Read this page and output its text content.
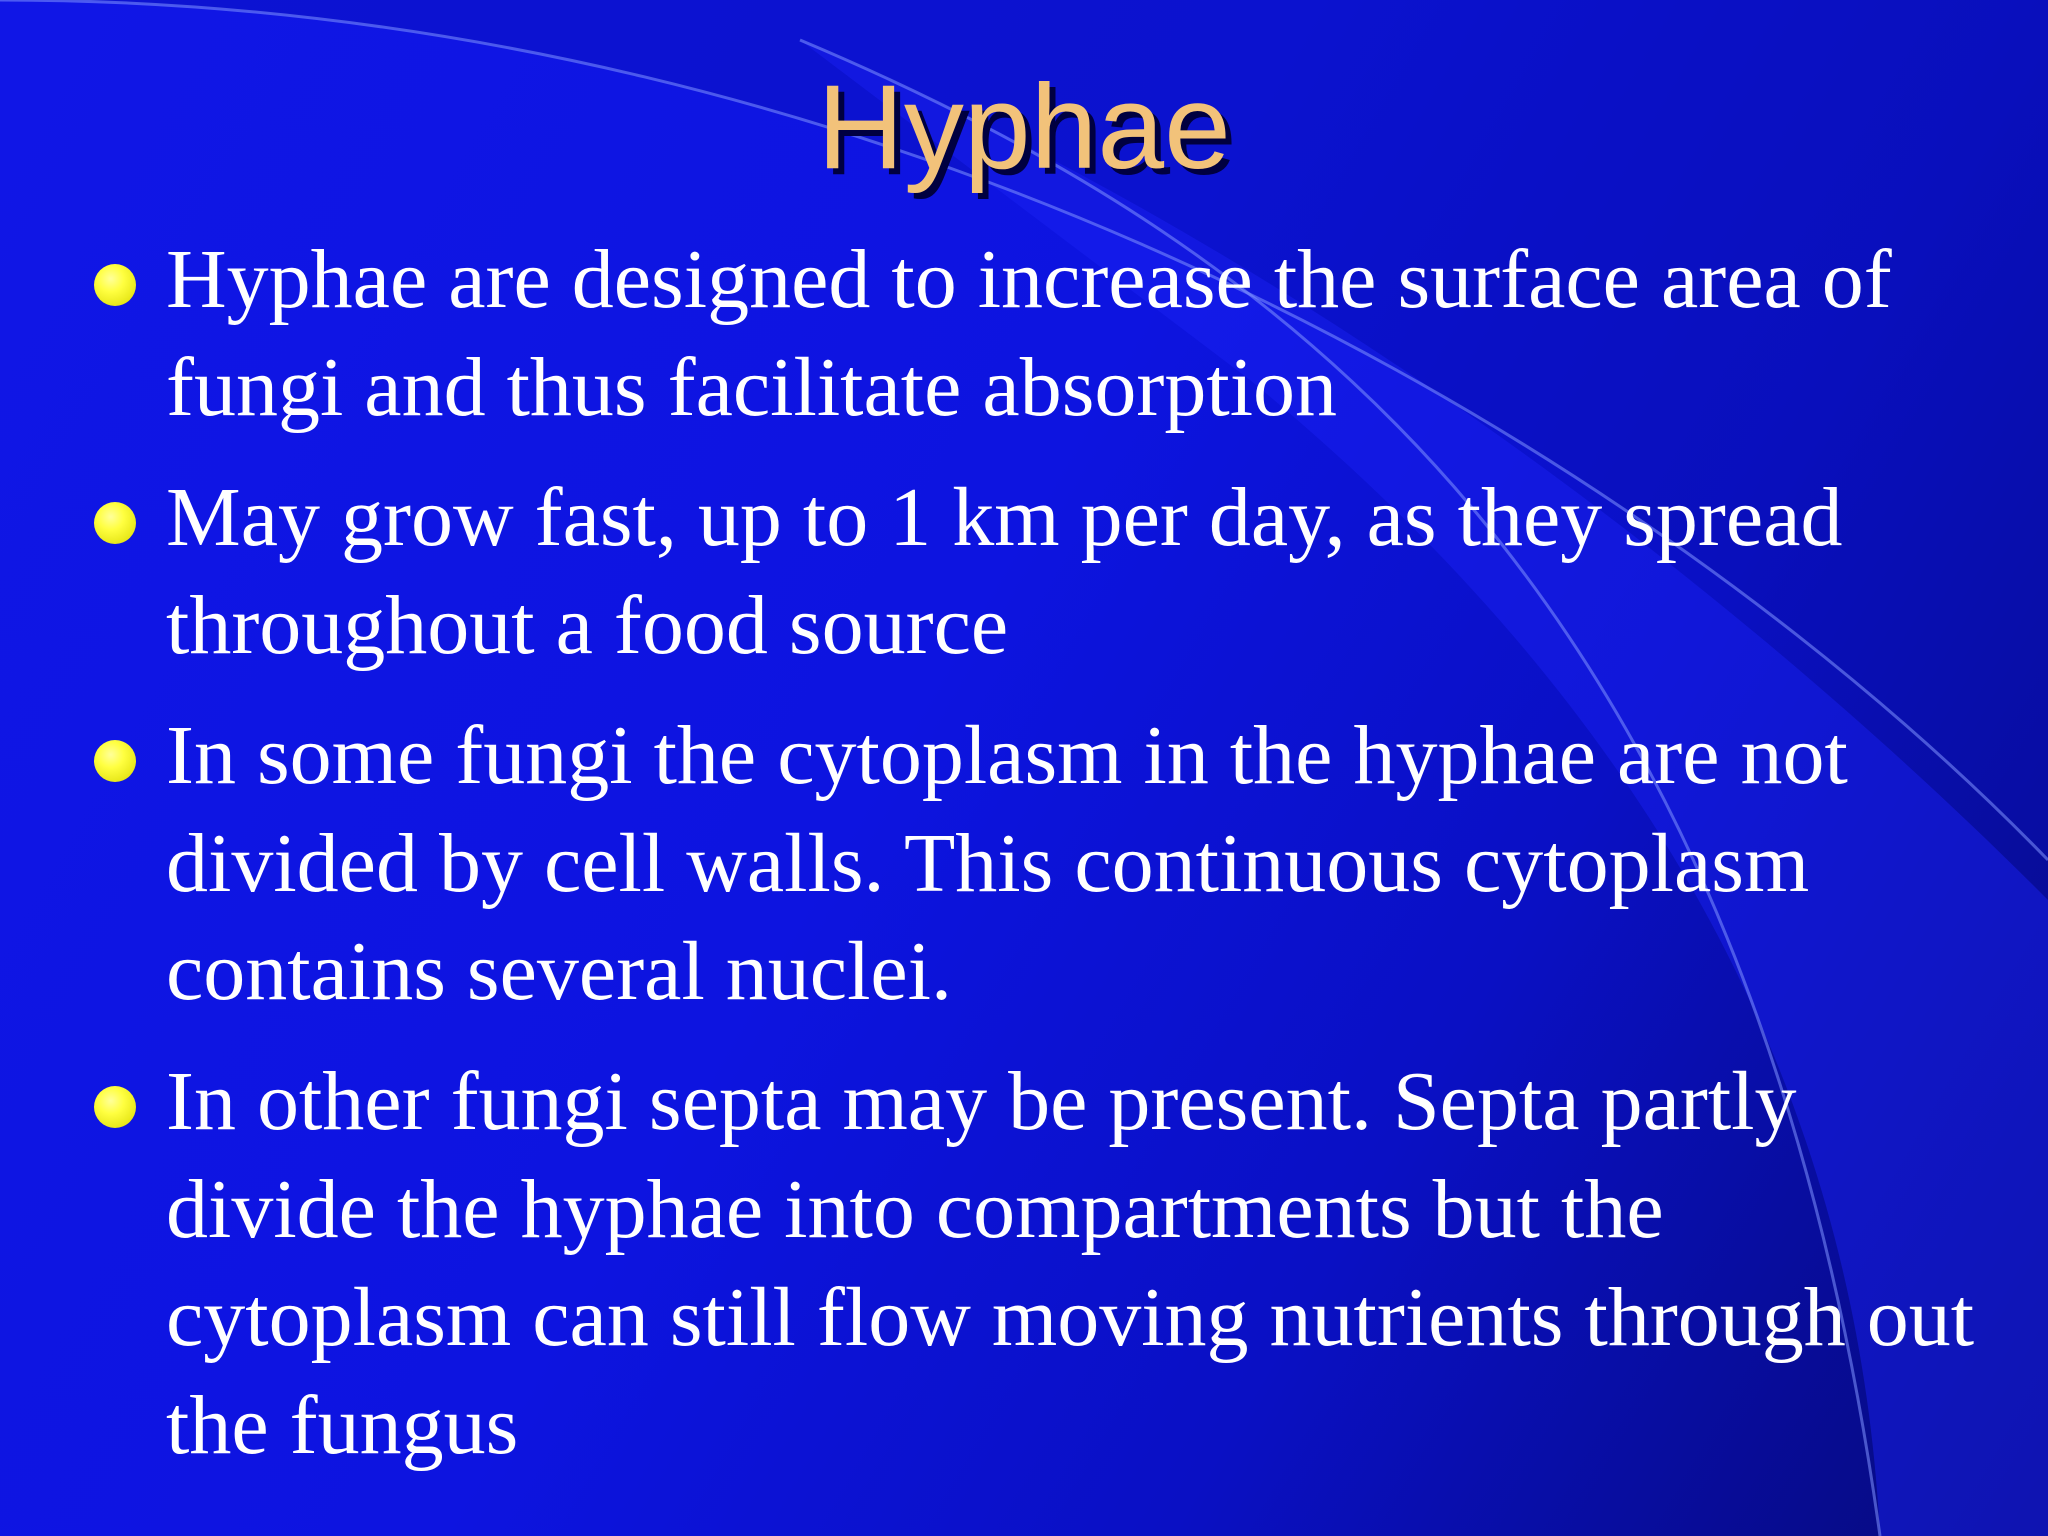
Hyphae
Hyphae are designed to increase the surface area of fungi and thus facilitate absorption
May grow fast, up to 1 km per day, as they spread throughout a food source
In some fungi the cytoplasm in the hyphae are not divided by cell walls. This continuous cytoplasm contains several nuclei.
In other fungi septa may be present. Septa partly divide the hyphae into compartments but the cytoplasm can still flow moving nutrients through out the fungus
